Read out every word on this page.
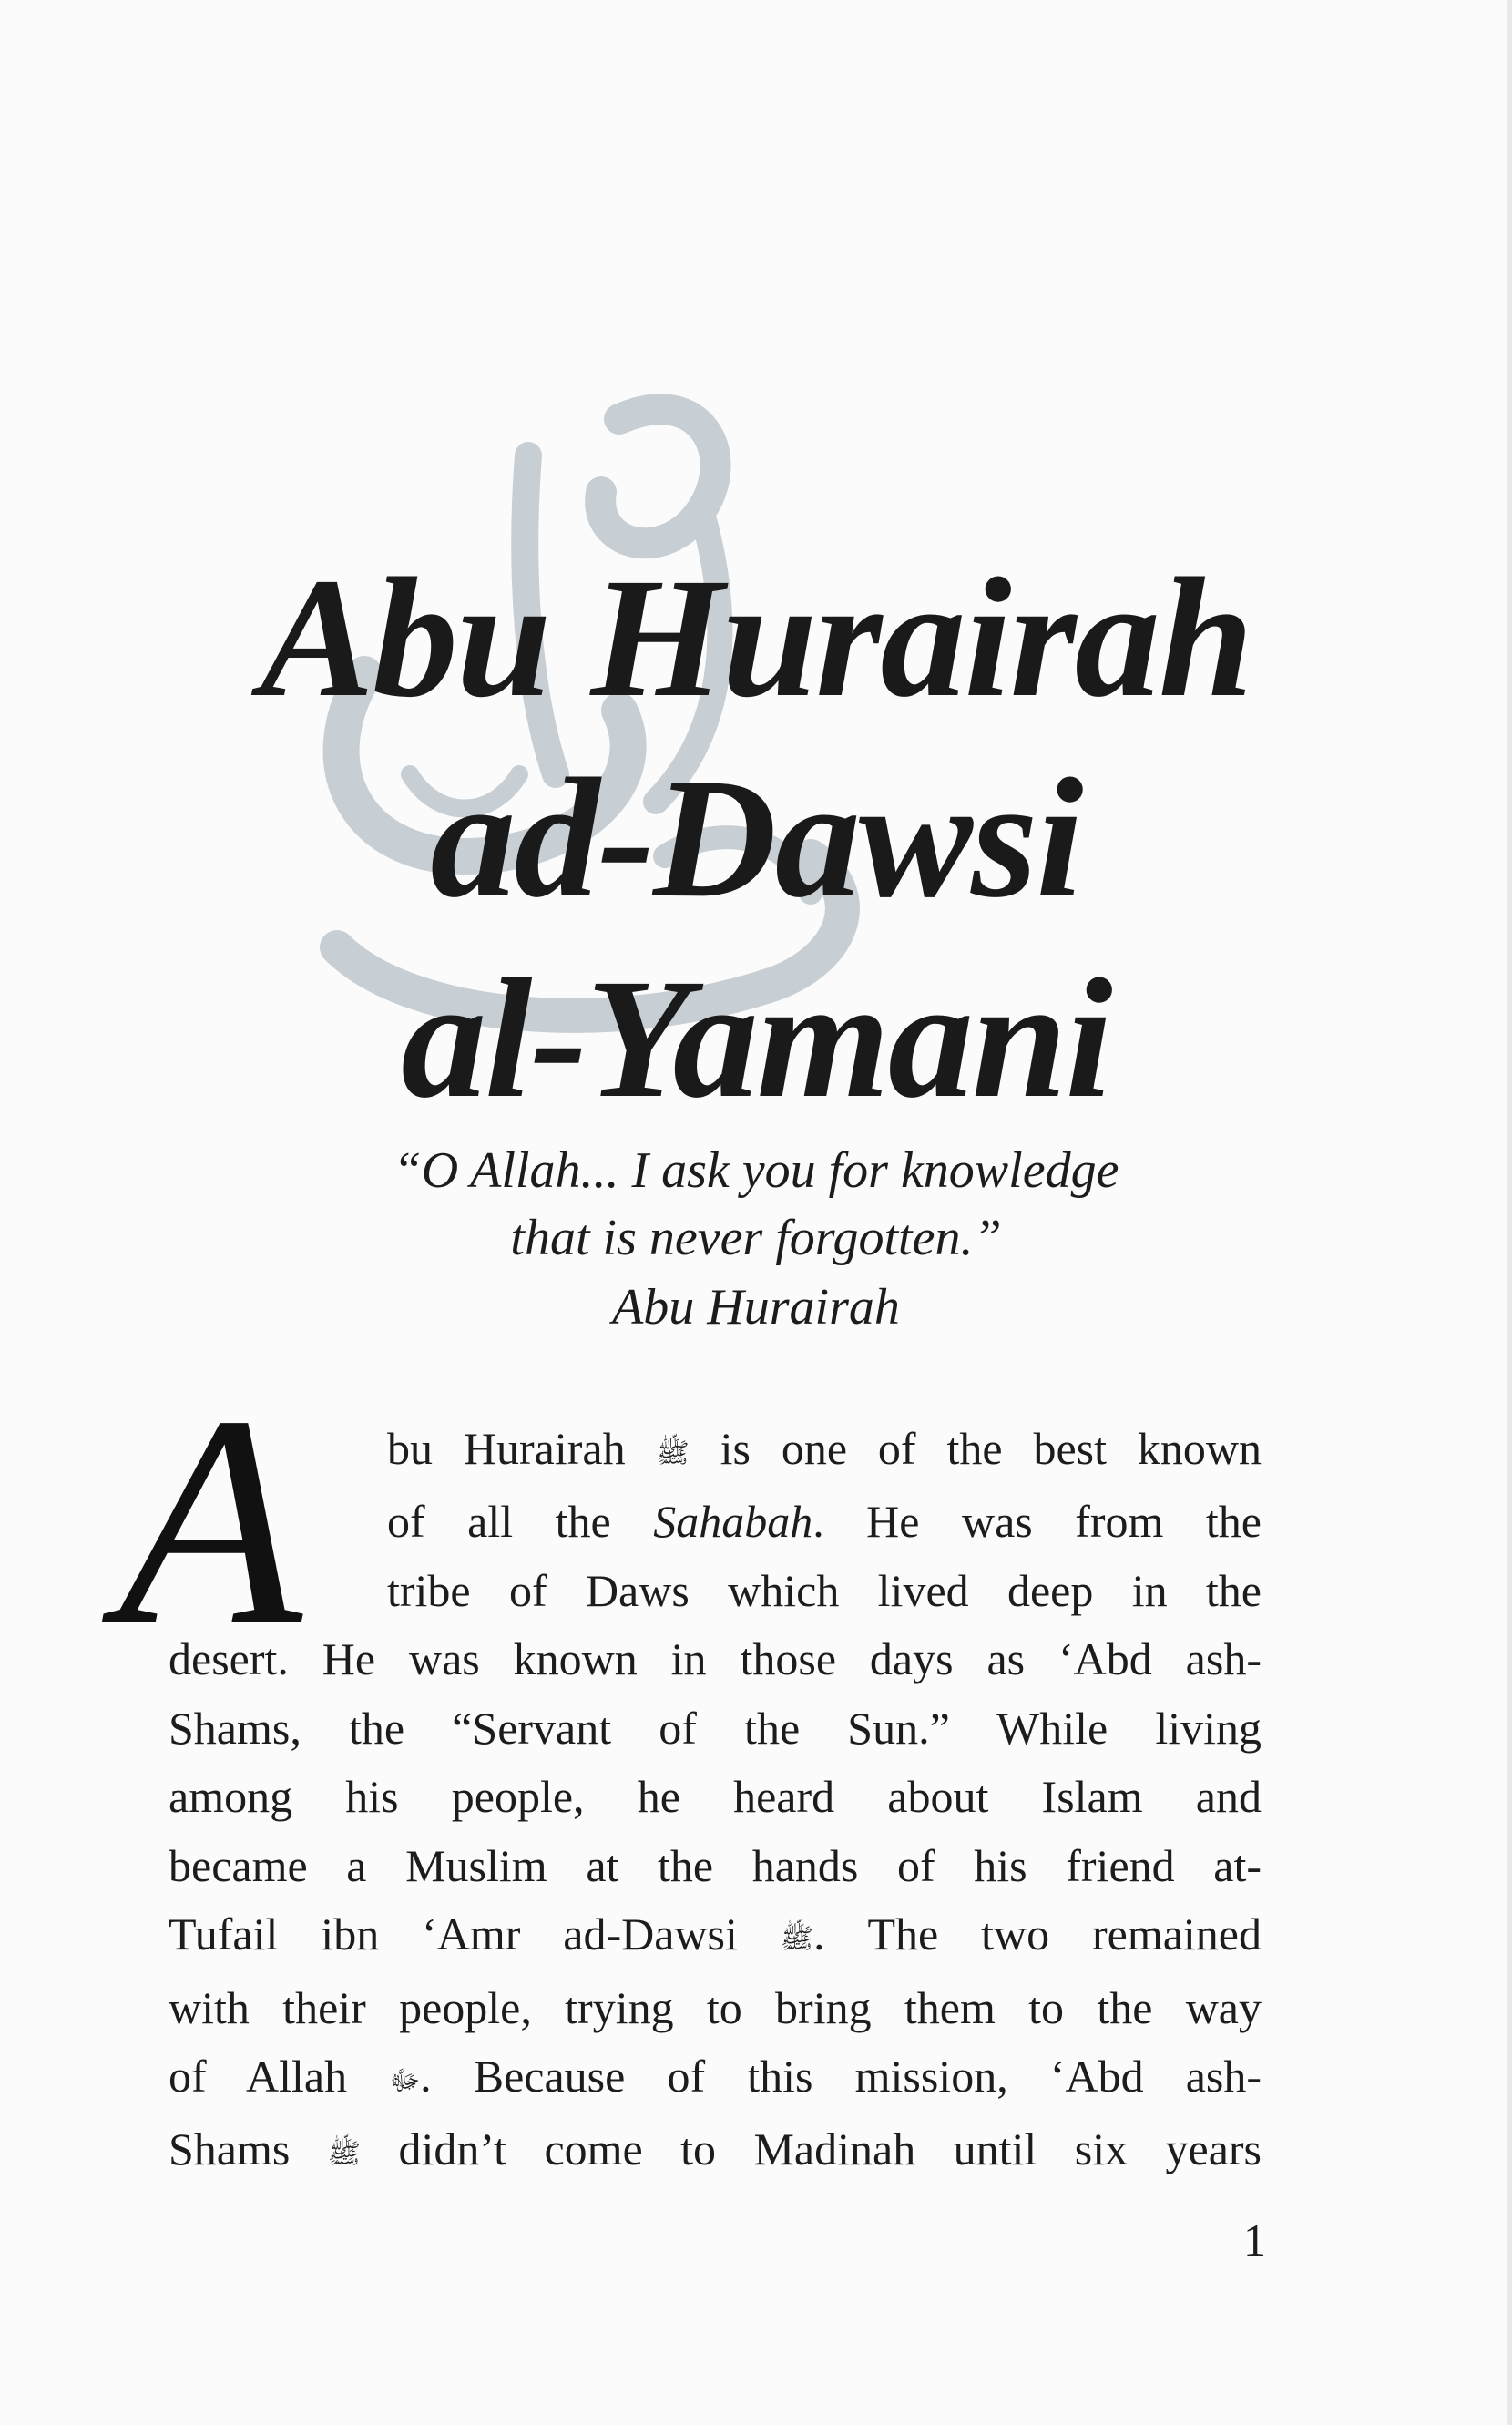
Abu Hurairah
ad-Dawsi
al-Yamani
“O Allah... I ask you for knowledge
that is never forgotten.”
Abu Hurairah
A	bu Hurairah ﷺ is one of the best known
of all the Sahabah. He was from the
tribe of Daws which lived deep in the
desert. He was known in those days as ‘Abd ash-
Shams, the “Servant of the Sun.” While living
among his people, he heard about Islam and
became a Muslim at the hands of his friend at-
Tufail ibn ‘Amr ad-Dawsi ﷺ. The two remained
with their people, trying to bring them to the way
of Allah ﷻ. Because of this mission, ‘Abd ash-
Shams ﷺ didn’t come to Madinah until six years
1
